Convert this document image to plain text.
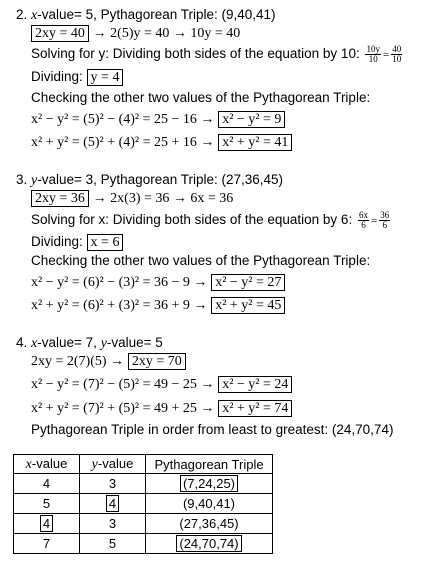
2. x-value= 5, Pythagorean Triple: (9,40,41)
2xy = 40 → 2(5)y = 40 → 10y = 40
Solving for y: Dividing both sides of the equation by 10: $\frac{10y}{10} = \frac{40}{10}$
Dividing: y = 4
Checking the other two values of the Pythagorean Triple:
x² − y² = (5)² − (4)² = 25 − 16 → x² − y² = 9
x² + y² = (5)² + (4)² = 25 + 16 → x² + y² = 41
3. y-value= 3, Pythagorean Triple: (27,36,45)
2xy = 36 → 2x(3) = 36 → 6x = 36
Solving for x: Dividing both sides of the equation by 6: $\frac{6x}{6} = \frac{36}{6}$
Dividing: x = 6
Checking the other two values of the Pythagorean Triple:
x² − y² = (6)² − (3)² = 36 − 9 → x² − y² = 27
x² + y² = (6)² + (3)² = 36 + 9 → x² + y² = 45
4. x-value= 7, y-value= 5
2xy = 2(7)(5) → 2xy = 70
x² − y² = (7)² − (5)² = 49 − 25 → x² − y² = 24
x² + y² = (7)² + (5)² = 49 + 25 → x² + y² = 74
Pythagorean Triple in order from least to greatest: (24,70,74)
x-value	y-value	Pythagorean Triple
4	3	(7,24,25)
5	4	(9,40,41)
4	3	(27,36,45)
7	5	(24,70,74)
